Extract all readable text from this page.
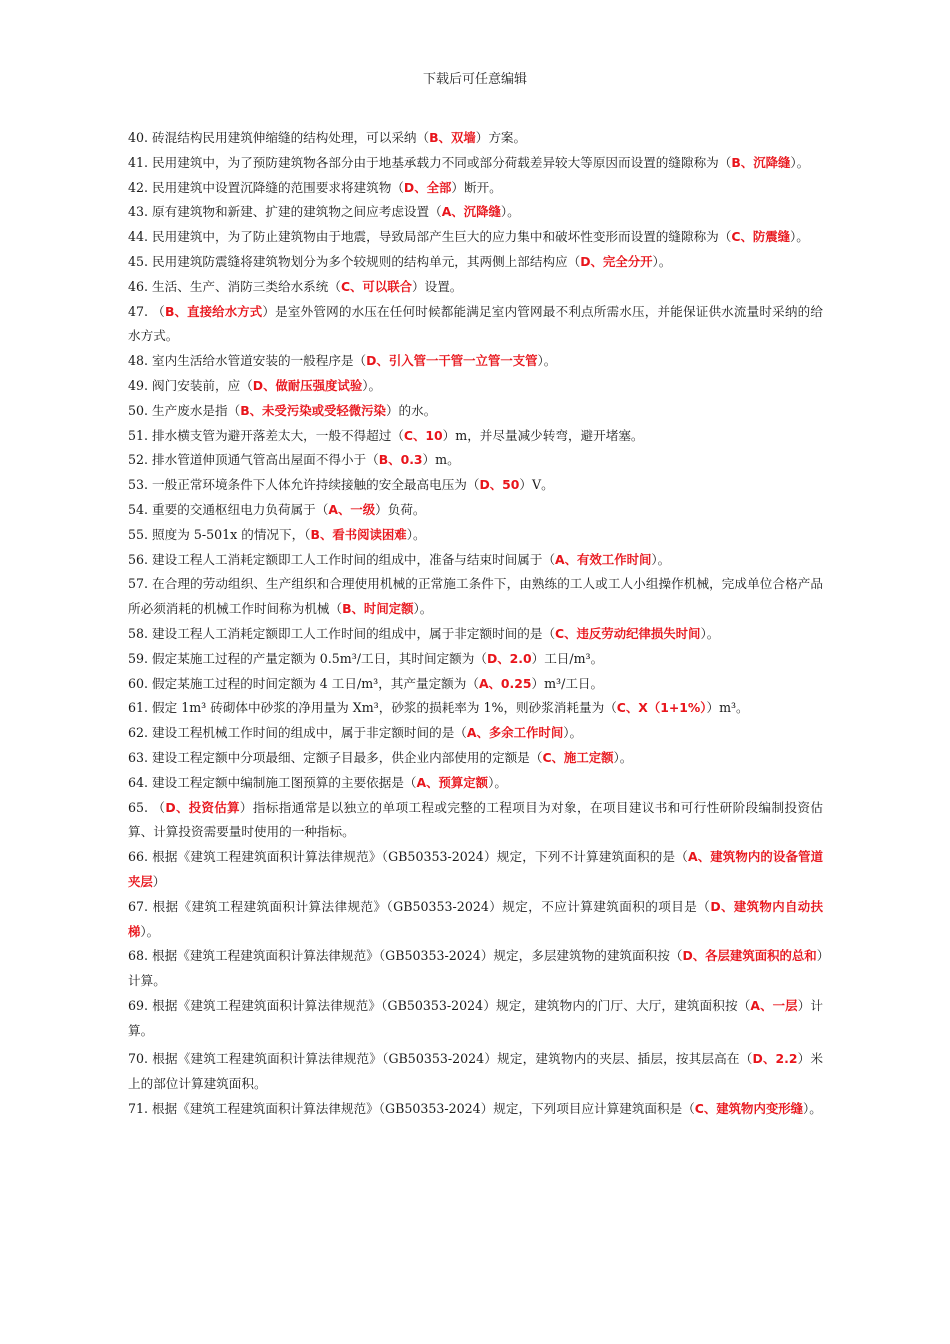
下载后可任意编辑

40. 砖混结构民用建筑伸缩缝的结构处理，可以采纳（B、双墙）方案。

41. 民用建筑中，为了预防建筑物各部分由于地基承载力不同或部分荷载差异较大等原因而设置的缝隙称为（B、沉降缝）。

42. 民用建筑中设置沉降缝的范围要求将建筑物（D、全部）断开。

43. 原有建筑物和新建、扩建的建筑物之间应考虑设置（A、沉降缝）。

44. 民用建筑中，为了防止建筑物由于地震，导致局部产生巨大的应力集中和破坏性变形而设置的缝隙称为（C、防震缝）。

45. 民用建筑防震缝将建筑物划分为多个较规则的结构单元，其两侧上部结构应（D、完全分开）。

46. 生活、生产、消防三类给水系统（C、可以联合）设置。

47. （B、直接给水方式）是室外管网的水压在任何时候都能满足室内管网最不利点所需水压，并能保证供水流量时采纳的给水方式。

48. 室内生活给水管道安装的一般程序是（D、引入管一干管一立管一支管）。

49. 阀门安装前，应（D、做耐压强度试验）。

50. 生产废水是指（B、未受污染或受轻微污染）的水。

51. 排水横支管为避开落差太大，一般不得超过（C、10）m，并尽量减少转弯，避开堵塞。

52. 排水管道伸顶通气管高出屋面不得小于（B、0.3）m。

53. 一般正常环境条件下人体允许持续接触的安全最高电压为（D、50）V。

54. 重要的交通枢纽电力负荷属于（A、一级）负荷。

55. 照度为 5-501x 的情况下，（B、看书阅读困难）。

56. 建设工程人工消耗定额即工人工作时间的组成中，准备与结束时间属于（A、有效工作时间）。

57. 在合理的劳动组织、生产组织和合理使用机械的正常施工条件下，由熟练的工人或工人小组操作机械，完成单位合格产品所必须消耗的机械工作时间称为机械（B、时间定额）。

58. 建设工程人工消耗定额即工人工作时间的组成中，属于非定额时间的是（C、违反劳动纪律损失时间）。

59. 假定某施工过程的产量定额为 0.5m³/工日，其时间定额为（D、2.0）工日/m³。

60. 假定某施工过程的时间定额为 4 工日/m³，其产量定额为（A、0.25）m³/工日。

61. 假定 1m³ 砖砌体中砂浆的净用量为 Xm³，砂浆的损耗率为 1%，则砂浆消耗量为（C、X（1+1%））m³。

62. 建设工程机械工作时间的组成中，属于非定额时间的是（A、多余工作时间）。

63. 建设工程定额中分项最细、定额子目最多，供企业内部使用的定额是（C、施工定额）。

64. 建设工程定额中编制施工图预算的主要依据是（A、预算定额）。

65. （D、投资估算）指标指通常是以独立的单项工程或完整的工程项目为对象，在项目建议书和可行性研阶段编制投资估算、计算投资需要量时使用的一种指标。

66. 根据《建筑工程建筑面积计算法律规范》（GB50353-2024）规定，下列不计算建筑面积的是（A、建筑物内的设备管道夹层）

67. 根据《建筑工程建筑面积计算法律规范》（GB50353-2024）规定，不应计算建筑面积的项目是（D、建筑物内自动扶梯）。

68. 根据《建筑工程建筑面积计算法律规范》（GB50353-2024）规定，多层建筑物的建筑面积按（D、各层建筑面积的总和）计算。

69. 根据《建筑工程建筑面积计算法律规范》（GB50353-2024）规定，建筑物内的门厅、大厅，建筑面积按（A、一层）计算。

70. 根据《建筑工程建筑面积计算法律规范》（GB50353-2024）规定，建筑物内的夹层、插层，按其层高在（D、2.2）米上的部位计算建筑面积。

71. 根据《建筑工程建筑面积计算法律规范》（GB50353-2024）规定，下列项目应计算建筑面积是（C、建筑物内变形缝）。
